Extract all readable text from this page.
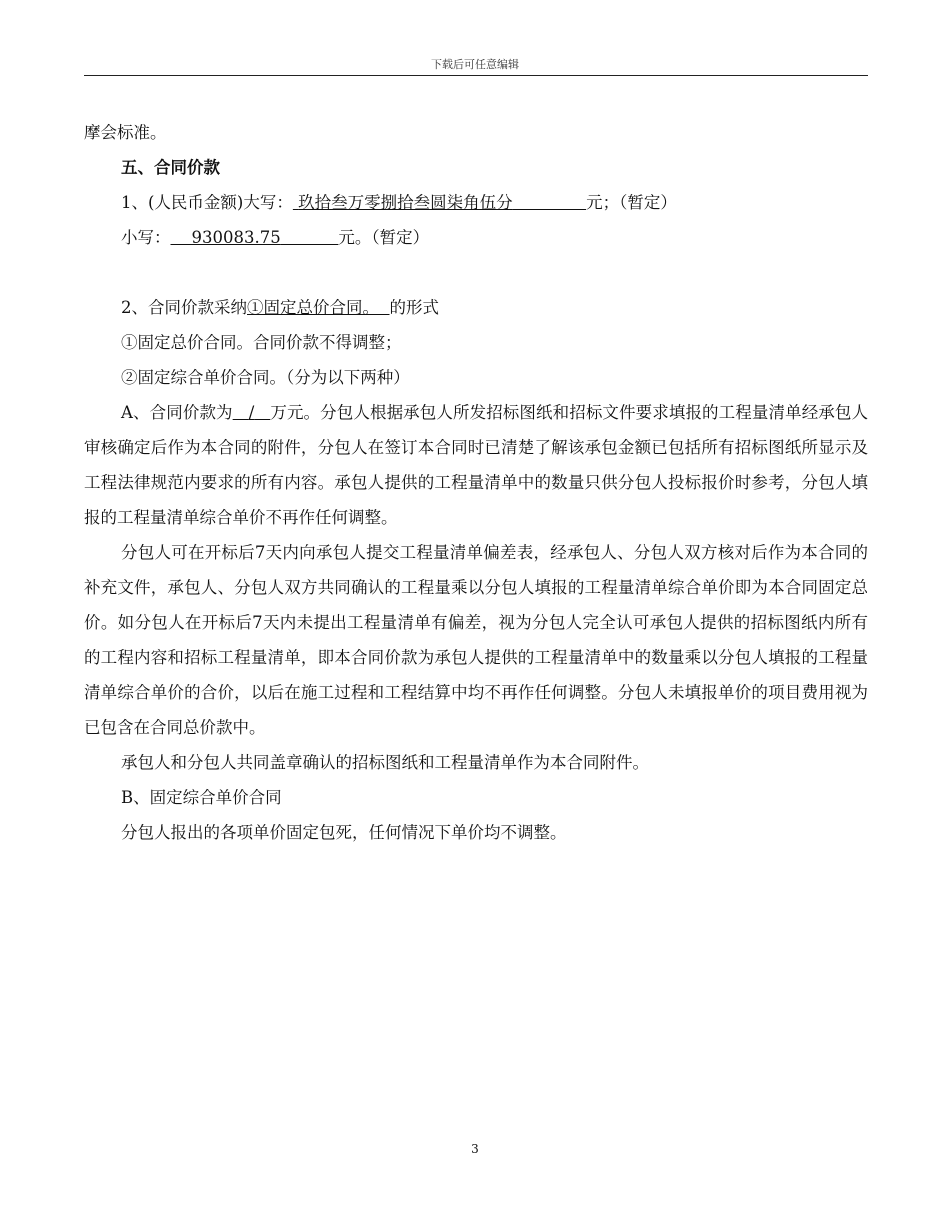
下载后可任意编辑

摩会标准。

五、合同价款

1、(人民币金额)大写： 玖拾叁万零捌拾叁圆柒角伍分	元；（暂定）

小写： 930083.75	元。（暂定）

2、合同价款采纳①固定总价合同。 的形式

①固定总价合同。合同价款不得调整；

②固定综合单价合同。（分为以下两种）

A、合同价款为 / 万元。分包人根据承包人所发招标图纸和招标文件要求填报的工程量清单经承包人审核确定后作为本合同的附件，分包人在签订本合同时已清楚了解该承包金额已包括所有招标图纸所显示及工程法律规范内要求的所有内容。承包人提供的工程量清单中的数量只供分包人投标报价时参考，分包人填报的工程量清单综合单价不再作任何调整。

分包人可在开标后7天内向承包人提交工程量清单偏差表，经承包人、分包人双方核对后作为本合同的补充文件，承包人、分包人双方共同确认的工程量乘以分包人填报的工程量清单综合单价即为本合同固定总价。如分包人在开标后7天内未提出工程量清单有偏差，视为分包人完全认可承包人提供的招标图纸内所有的工程内容和招标工程量清单，即本合同价款为承包人提供的工程量清单中的数量乘以分包人填报的工程量清单综合单价的合价，以后在施工过程和工程结算中均不再作任何调整。分包人未填报单价的项目费用视为已包含在合同总价款中。

承包人和分包人共同盖章确认的招标图纸和工程量清单作为本合同附件。

B、固定综合单价合同

分包人报出的各项单价固定包死，任何情况下单价均不调整。

3
